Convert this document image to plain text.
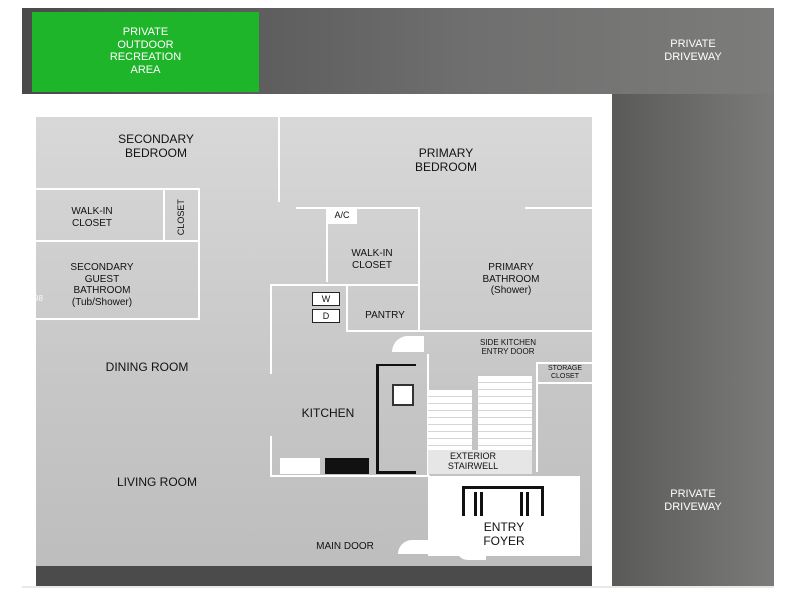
PRIVATE
OUTDOOR
RECREATION
AREA
PRIVATE
DRIVEWAY
PRIVATE
DRIVEWAY
W
D
SECONDARY
BEDROOM	PRIMARY
BEDROOM
WALK-IN
CLOSET	CLOSET	A/C
WALK-IN
CLOSET
SECONDARY
GUEST
BATHROOM
(Tub/Shower)
PRIMARY
BATHROOM
(Shower)
PANTRY
SIDE KITCHEN
ENTRY DOOR
STORAGE
CLOSET
DINING ROOM
KITCHEN
EXTERIOR
STAIRWELL
LIVING ROOM
ENTRY
FOYER
MAIN DOOR
A12025998
